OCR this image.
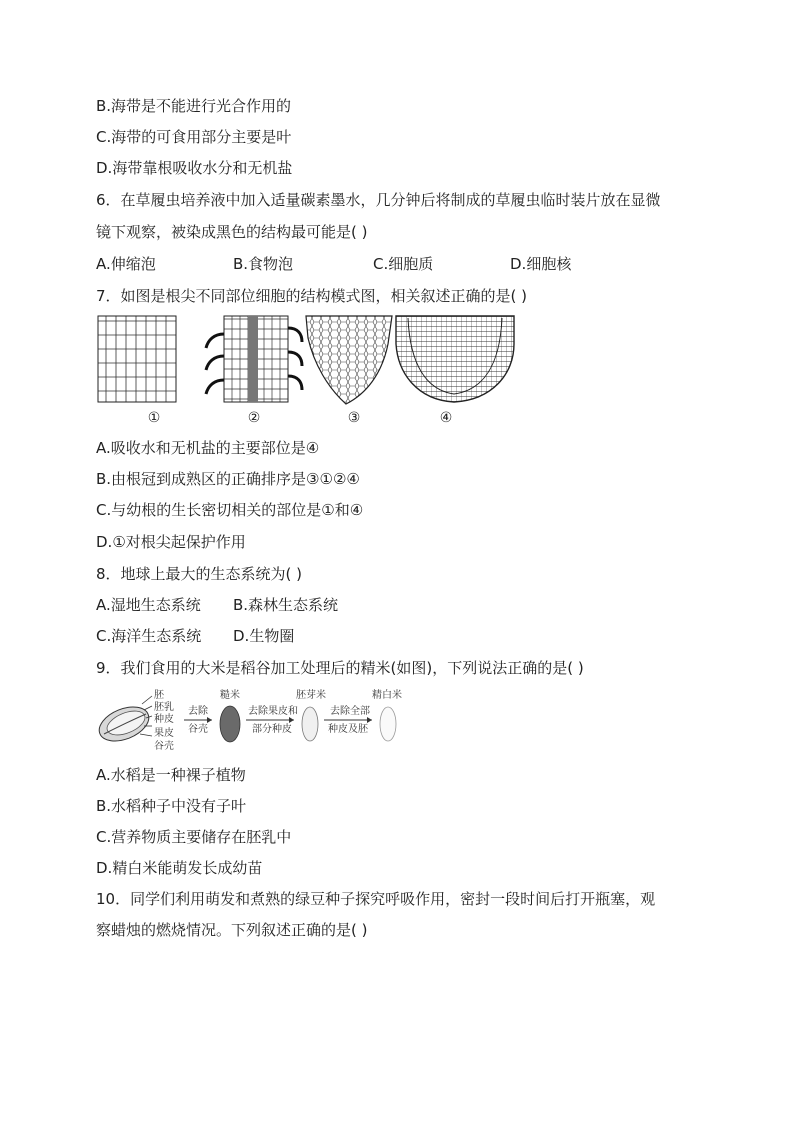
B.海带是不能进行光合作用的
C.海带的可食用部分主要是叶
D.海带靠根吸收水分和无机盐
6．在草履虫培养液中加入适量碳素墨水，几分钟后将制成的草履虫临时装片放在显微
镜下观察，被染成黑色的结构最可能是( )
A.伸缩泡	B.食物泡	C.细胞质	D.细胞核
7．如图是根尖不同部位细胞的结构模式图，相关叙述正确的是( )
①	②	③	④
A.吸收水和无机盐的主要部位是④
B.由根冠到成熟区的正确排序是③①②④
C.与幼根的生长密切相关的部位是①和④
D.①对根尖起保护作用
8．地球上最大的生态系统为( )
A.湿地生态系统 B.森林生态系统
C.海洋生态系统 D.生物圈
9．我们食用的大米是稻谷加工处理后的精米(如图)，下列说法正确的是( )
胚
胚乳
种皮
果皮
谷壳
去除
谷壳
糙米
去除果皮和
部分种皮
胚芽米
去除全部
种皮及胚
精白米
A.水稻是一种裸子植物
B.水稻种子中没有子叶
C.营养物质主要储存在胚乳中
D.精白米能萌发长成幼苗
10．同学们利用萌发和煮熟的绿豆种子探究呼吸作用，密封一段时间后打开瓶塞，观
察蜡烛的燃烧情况。下列叙述正确的是( )
